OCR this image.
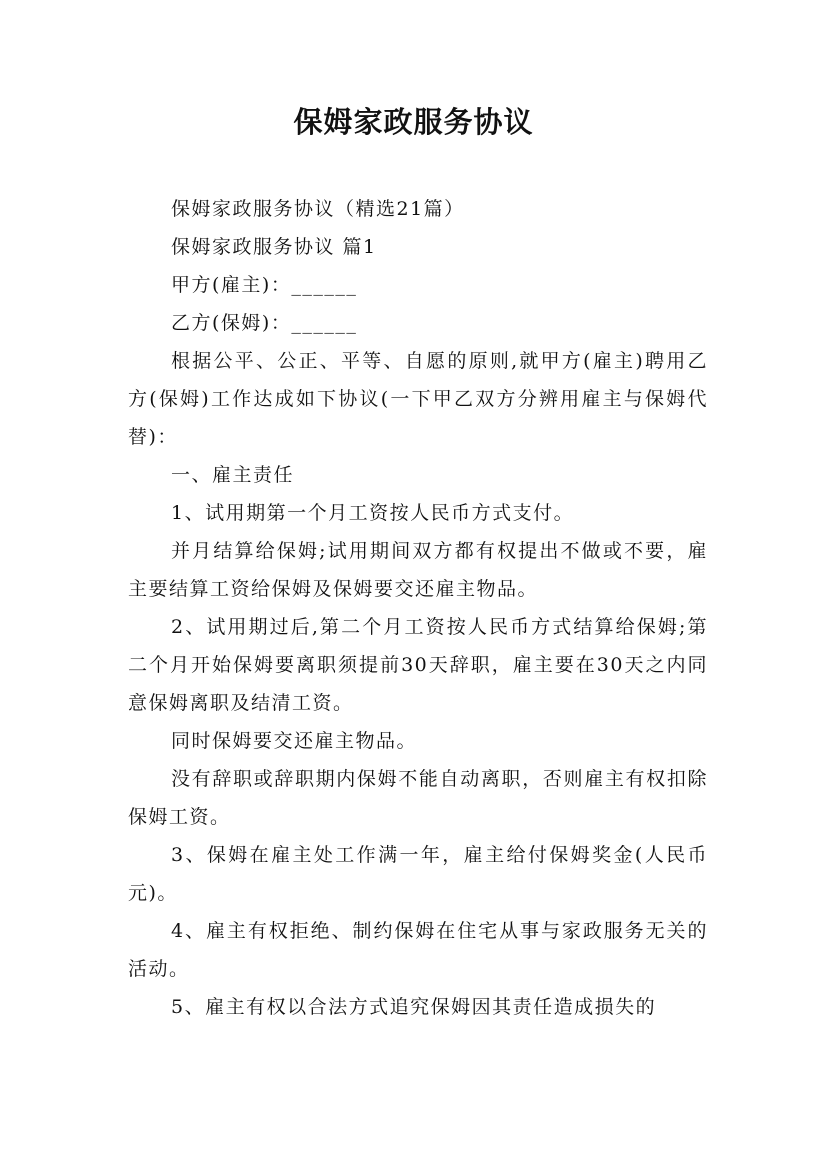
保姆家政服务协议

保姆家政服务协议（精选21篇）

保姆家政服务协议 篇1

甲方(雇主)：______

乙方(保姆)：______

根据公平、公正、平等、自愿的原则,就甲方(雇主)聘用乙方(保姆)工作达成如下协议(一下甲乙双方分辨用雇主与保姆代替)：

一、雇主责任

1、试用期第一个月工资按人民币方式支付。

并月结算给保姆;试用期间双方都有权提出不做或不要，雇主要结算工资给保姆及保姆要交还雇主物品。

2、试用期过后,第二个月工资按人民币方式结算给保姆;第二个月开始保姆要离职须提前30天辞职，雇主要在30天之内同意保姆离职及结清工资。

同时保姆要交还雇主物品。

没有辞职或辞职期内保姆不能自动离职，否则雇主有权扣除保姆工资。

3、保姆在雇主处工作满一年，雇主给付保姆奖金(人民币元)。

4、雇主有权拒绝、制约保姆在住宅从事与家政服务无关的活动。

5、雇主有权以合法方式追究保姆因其责任造成损失的
